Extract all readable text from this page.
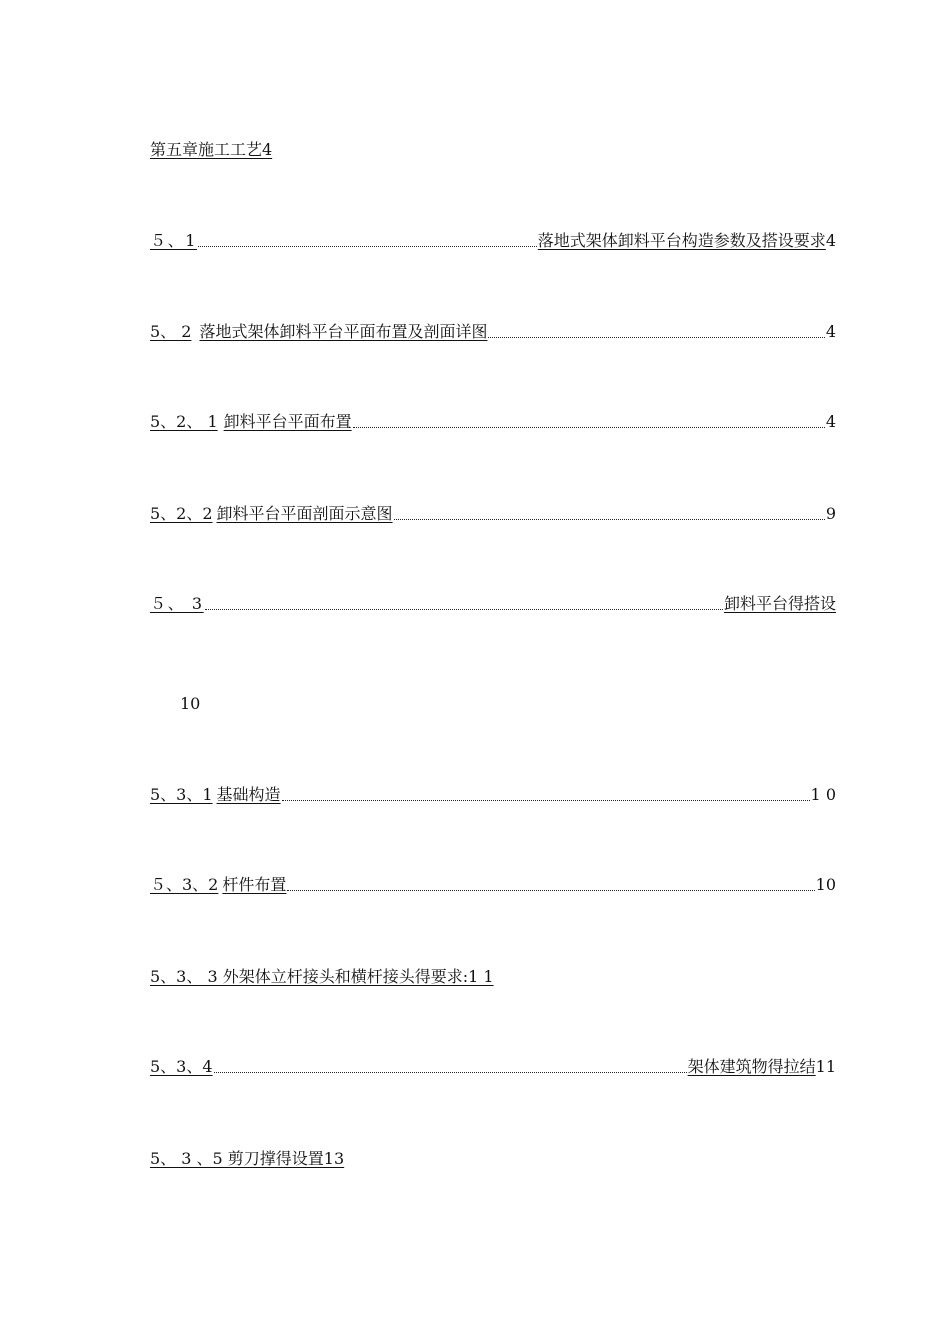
第五章施工工艺4
５、1	落地式架体卸料平台构造参数及搭设要求 4
5、 2 落地式架体卸料平台平面布置及剖面详图	4
5、2、 1 卸料平台平面布置	4
5、2、2 卸料平台平面剖面示意图	9
５、 3	卸料平台得搭设
10
5、3、1 基础构造	1 0
５、3、2 杆件布置	10
5、3、 3 外架体立杆接头和横杆接头得要求:1 1
5、3、4	架体建筑物得拉结 11
5、 3 、5 剪刀撑得设置13
